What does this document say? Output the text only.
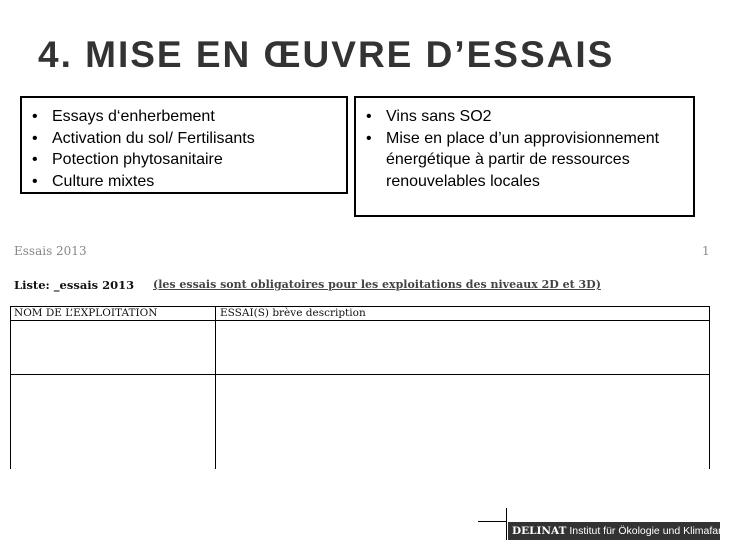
4. MISE EN ŒUVRE D’ESSAIS
• Essays d‘enherbement
• Activation du sol/ Fertilisants
• Potection phytosanitaire
• Culture mixtes
• Vins sans SO2
• Mise en place d’un approvisionnement énergétique à partir de ressources renouvelables locales
Essais 2013	1
Liste: _essais 2013 (les essais sont obligatoires pour les exploitations des niveaux 2D et 3D)
NOM DE L’EXPLOITATION	ESSAI(S) brève description
DELINAT Institut für Ökologie und Klimafarming
